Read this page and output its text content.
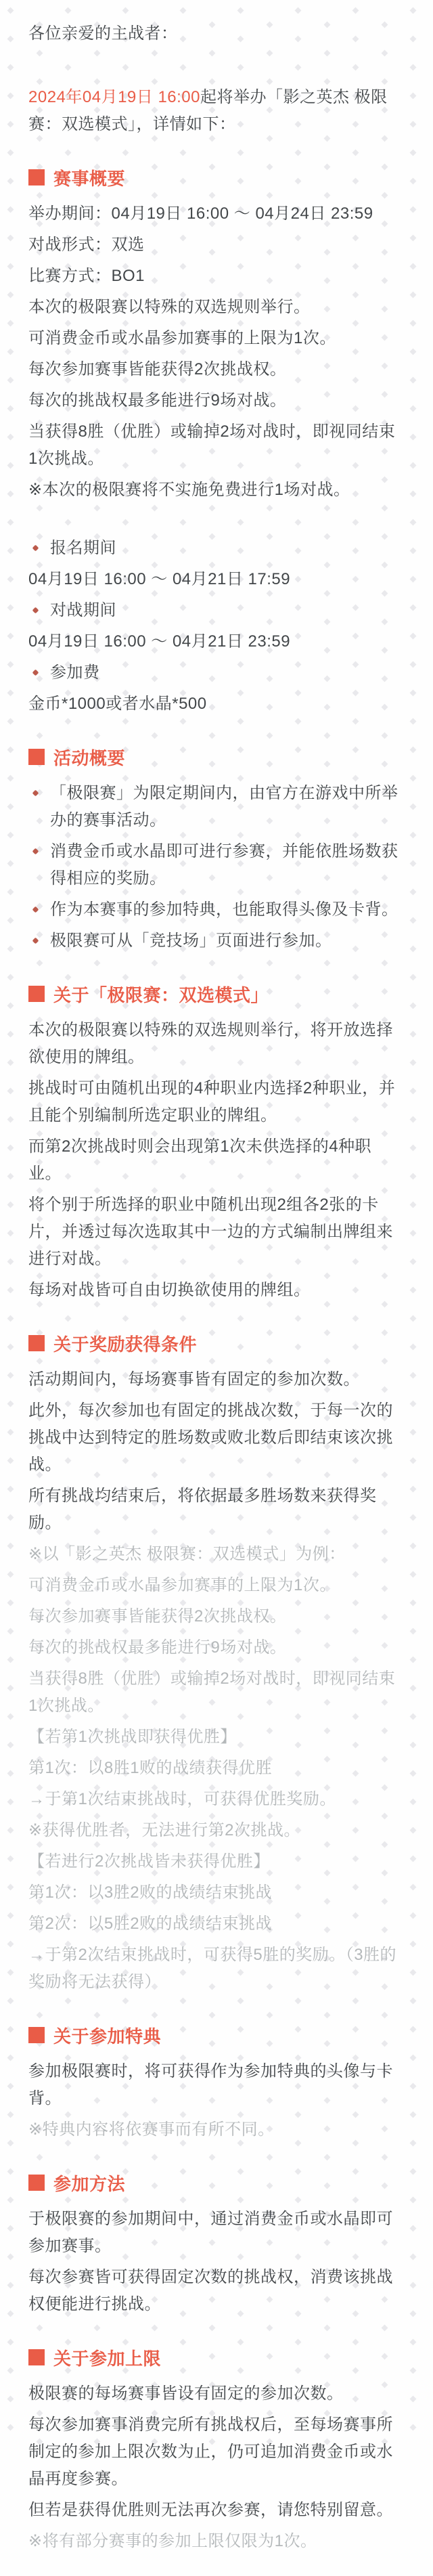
各位亲爱的主战者：

2024年04月19日 16:00起将举办「影之英杰 极限赛：双选模式」，详情如下：

赛事概要

举办期间：04月19日 16:00 ～ 04月24日 23:59

对战形式：双选

比赛方式：BO1

本次的极限赛以特殊的双选规则举行。

可消费金币或水晶参加赛事的上限为1次。

每次参加赛事皆能获得2次挑战权。

每次的挑战权最多能进行9场对战。

当获得8胜（优胜）或输掉2场对战时，即视同结束1次挑战。

※本次的极限赛将不实施免费进行1场对战。

报名期间

04月19日 16:00 ～ 04月21日 17:59

对战期间

04月19日 16:00 ～ 04月21日 23:59

参加费

金币*1000或者水晶*500

活动概要

「极限赛」为限定期间内，由官方在游戏中所举办的赛事活动。

消费金币或水晶即可进行参赛，并能依胜场数获得相应的奖励。

作为本赛事的参加特典，也能取得头像及卡背。

极限赛可从「竞技场」页面进行参加。

关于「极限赛：双选模式」

本次的极限赛以特殊的双选规则举行，将开放选择欲使用的牌组。

挑战时可由随机出现的4种职业内选择2种职业，并且能个别编制所选定职业的牌组。

而第2次挑战时则会出现第1次未供选择的4种职业。

将个别于所选择的职业中随机出现2组各2张的卡片，并透过每次选取其中一边的方式编制出牌组来进行对战。

每场对战皆可自由切换欲使用的牌组。

关于奖励获得条件

活动期间内，每场赛事皆有固定的参加次数。

此外，每次参加也有固定的挑战次数，于每一次的挑战中达到特定的胜场数或败北数后即结束该次挑战。

所有挑战均结束后，将依据最多胜场数来获得奖励。

※以「影之英杰 极限赛：双选模式」为例：

可消费金币或水晶参加赛事的上限为1次。

每次参加赛事皆能获得2次挑战权。

每次的挑战权最多能进行9场对战。

当获得8胜（优胜）或输掉2场对战时，即视同结束1次挑战。

【若第1次挑战即获得优胜】

第1次：以8胜1败的战绩获得优胜

→于第1次结束挑战时，可获得优胜奖励。

※获得优胜者，无法进行第2次挑战。

【若进行2次挑战皆未获得优胜】

第1次：以3胜2败的战绩结束挑战

第2次：以5胜2败的战绩结束挑战

→于第2次结束挑战时，可获得5胜的奖励。（3胜的奖励将无法获得）

关于参加特典

参加极限赛时，将可获得作为参加特典的头像与卡背。

※特典内容将依赛事而有所不同。

参加方法

于极限赛的参加期间中，通过消费金币或水晶即可参加赛事。

每次参赛皆可获得固定次数的挑战权，消费该挑战权便能进行挑战。

关于参加上限

极限赛的每场赛事皆设有固定的参加次数。

每次参加赛事消费完所有挑战权后，至每场赛事所制定的参加上限次数为止，仍可追加消费金币或水晶再度参赛。

但若是获得优胜则无法再次参赛，请您特别留意。

※将有部分赛事的参加上限仅限为1次。
